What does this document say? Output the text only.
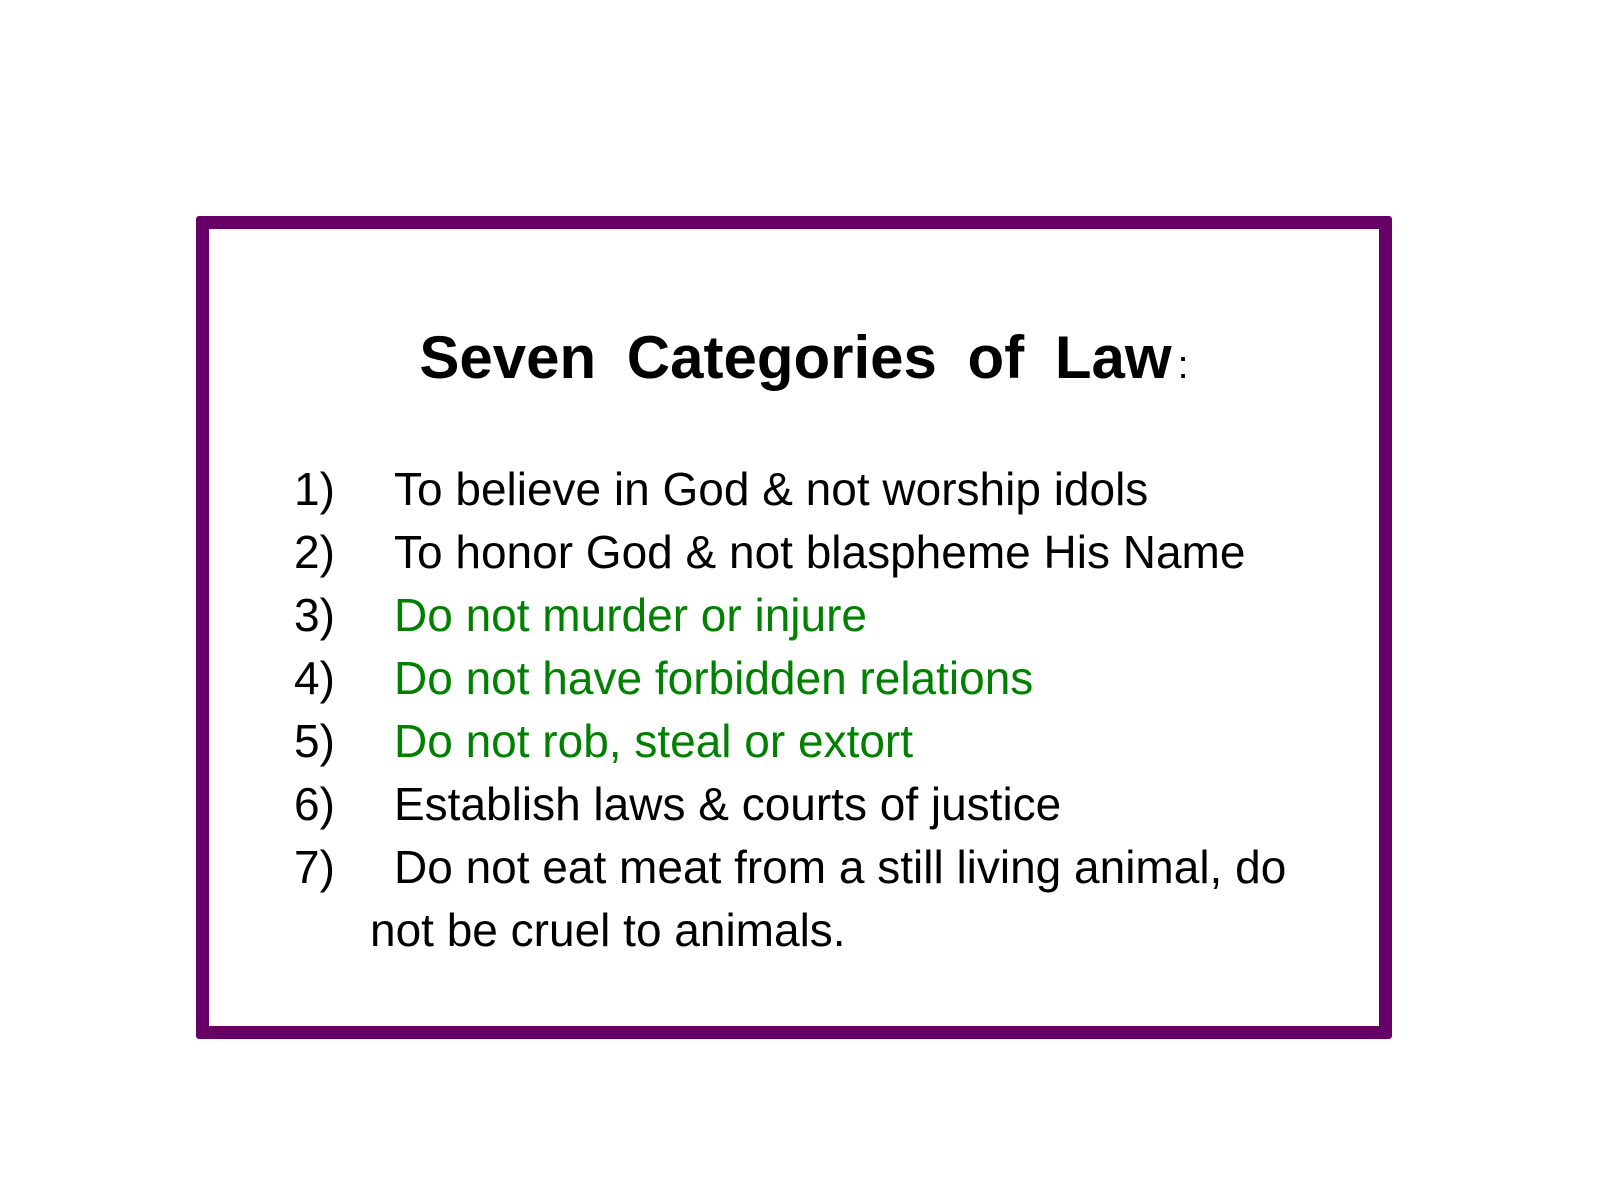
Seven Categories of Law :
1) To believe in God & not worship idols
2) To honor God & not blaspheme His Name
3) Do not murder or injure
4) Do not have forbidden relations
5) Do not rob, steal or extort
6) Establish laws & courts of justice
7) Do not eat meat from a still living animal, do
not be cruel to animals.
